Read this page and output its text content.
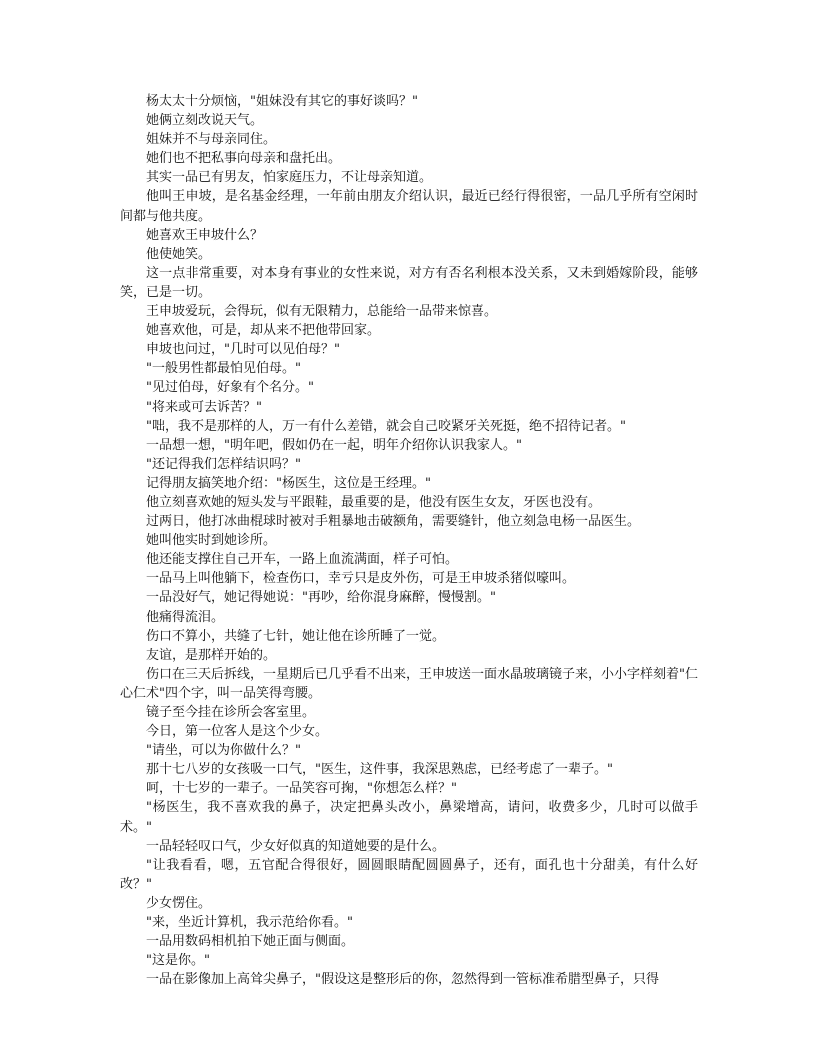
杨太太十分烦恼，"姐妹没有其它的事好谈吗？"

她俩立刻改说天气。

姐妹并不与母亲同住。

她们也不把私事向母亲和盘托出。

其实一品已有男友，怕家庭压力，不让母亲知道。

他叫王申坡，是名基金经理，一年前由朋友介绍认识，最近已经行得很密，一品几乎所有空闲时间都与他共度。

她喜欢王申坡什么？

他使她笑。

这一点非常重要，对本身有事业的女性来说，对方有否名利根本没关系，又未到婚嫁阶段，能够笑，已是一切。

王申坡爱玩，会得玩，似有无限精力，总能给一品带来惊喜。

她喜欢他，可是，却从来不把他带回家。

申坡也问过，"几时可以见伯母？"

"一般男性都最怕见伯母。"

"见过伯母，好象有个名分。"

"将来或可去诉苦？"

"咄，我不是那样的人，万一有什么差错，就会自己咬紧牙关死挺，绝不招待记者。"

一品想一想，"明年吧，假如仍在一起，明年介绍你认识我家人。"

"还记得我们怎样结识吗？"

记得朋友搞笑地介绍："杨医生，这位是王经理。"

他立刻喜欢她的短头发与平跟鞋，最重要的是，他没有医生女友，牙医也没有。

过两日，他打冰曲棍球时被对手粗暴地击破额角，需要缝针，他立刻急电杨一品医生。

她叫他实时到她诊所。

他还能支撑住自己开车，一路上血流满面，样子可怕。

一品马上叫他躺下，检查伤口，幸亏只是皮外伤，可是王申坡杀猪似嚎叫。

一品没好气，她记得她说："再吵，给你混身麻醉，慢慢割。"

他痛得流泪。

伤口不算小，共缝了七针，她让他在诊所睡了一觉。

友谊，是那样开始的。

伤口在三天后拆线，一星期后已几乎看不出来，王申坡送一面水晶玻璃镜子来，小小字样刻着"仁心仁术"四个字，叫一品笑得弯腰。

镜子至今挂在诊所会客室里。

今日，第一位客人是这个少女。

"请坐，可以为你做什么？"

那十七八岁的女孩吸一口气，"医生，这件事，我深思熟虑，已经考虑了一辈子。"

呵，十七岁的一辈子。一品笑容可掬，"你想怎么样？"

"杨医生，我不喜欢我的鼻子，决定把鼻头改小，鼻梁增高，请问，收费多少，几时可以做手术。"

一品轻轻叹口气，少女好似真的知道她要的是什么。

"让我看看，嗯，五官配合得很好，圆圆眼睛配圆圆鼻子，还有，面孔也十分甜美，有什么好改？"

少女愣住。

"来，坐近计算机，我示范给你看。"

一品用数码相机拍下她正面与侧面。

"这是你。"

一品在影像加上高耸尖鼻子，"假设这是整形后的你，忽然得到一管标准希腊型鼻子，只得
